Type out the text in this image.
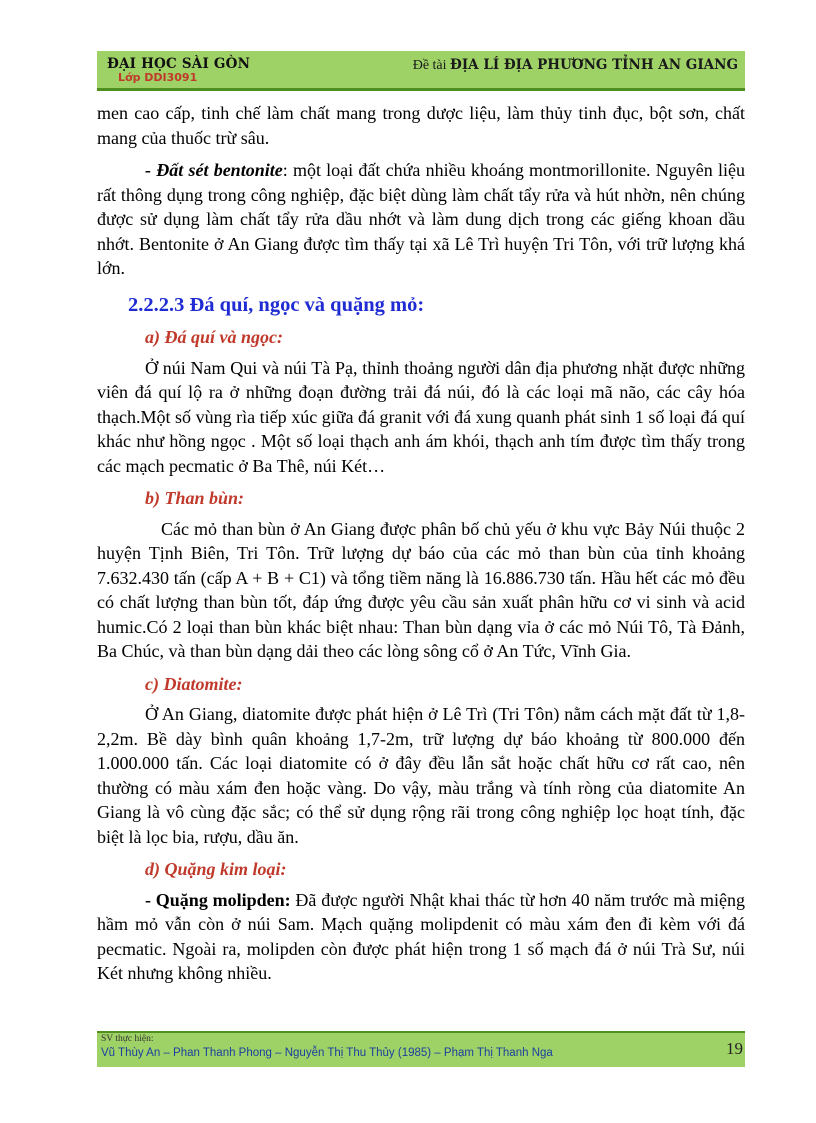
ĐẠI HỌC SÀI GÒN
Lớp DDI3091
Đề tài ĐỊA LÍ ĐỊA PHƯƠNG TỈNH AN GIANG

men cao cấp, tinh chế làm chất mang trong dược liệu, làm thủy tinh đục, bột sơn, chất mang của thuốc trừ sâu.

- Đất sét bentonite: một loại đất chứa nhiều khoáng montmorillonite. Nguyên liệu rất thông dụng trong công nghiệp, đặc biệt dùng làm chất tẩy rửa và hút nhờn, nên chúng được sử dụng làm chất tẩy rửa dầu nhớt và làm dung dịch trong các giếng khoan dầu nhớt. Bentonite ở An Giang được tìm thấy tại xã Lê Trì huyện Tri Tôn, với trữ lượng khá lớn.

2.2.2.3 Đá quí, ngọc và quặng mỏ:
a) Đá quí và ngọc:

Ở núi Nam Qui và núi Tà Pạ, thỉnh thoảng người dân địa phương nhặt được những viên đá quí lộ ra ở những đoạn đường trải đá núi, đó là các loại mã não, các cây hóa thạch.Một số vùng rìa tiếp xúc giữa đá granit với đá xung quanh phát sinh 1 số loại đá quí khác như hồng ngọc . Một số loại thạch anh ám khói, thạch anh tím được tìm thấy trong các mạch pecmatic ở Ba Thê, núi Két…

b) Than bùn:

Các mỏ than bùn ở An Giang được phân bố chủ yếu ở khu vực Bảy Núi thuộc 2 huyện Tịnh Biên, Tri Tôn. Trữ lượng dự báo của các mỏ than bùn của tỉnh khoảng 7.632.430 tấn (cấp A + B + C1) và tổng tiềm năng là 16.886.730 tấn. Hầu hết các mỏ đều có chất lượng than bùn tốt, đáp ứng được yêu cầu sản xuất phân hữu cơ vi sinh và acid humic.Có 2 loại than bùn khác biệt nhau: Than bùn dạng vỉa ở các mỏ Núi Tô, Tà Đảnh, Ba Chúc, và than bùn dạng dải theo các lòng sông cổ ở An Tức, Vĩnh Gia.

c) Diatomite:

Ở An Giang, diatomite được phát hiện ở Lê Trì (Tri Tôn) nằm cách mặt đất từ 1,8-2,2m. Bề dày bình quân khoảng 1,7-2m, trữ lượng dự báo khoảng từ 800.000 đến 1.000.000 tấn. Các loại diatomite có ở đây đều lẫn sắt hoặc chất hữu cơ rất cao, nên thường có màu xám đen hoặc vàng. Do vậy, màu trắng và tính ròng của diatomite An Giang là vô cùng đặc sắc; có thể sử dụng rộng rãi trong công nghiệp lọc hoạt tính, đặc biệt là lọc bia, rượu, dầu ăn.

d) Quặng kim loại:

- Quặng molipden: Đã được người Nhật khai thác từ hơn 40 năm trước mà miệng hầm mỏ vẫn còn ở núi Sam. Mạch quặng molipdenit có màu xám đen đi kèm với đá pecmatic. Ngoài ra, molipden còn được phát hiện trong 1 số mạch đá ở núi Trà Sư, núi Két nhưng không nhiều.

SV thực hiện:
Vũ Thùy An – Phan Thanh Phong – Nguyễn Thị Thu Thủy (1985) – Phạm Thị Thanh Nga	19
